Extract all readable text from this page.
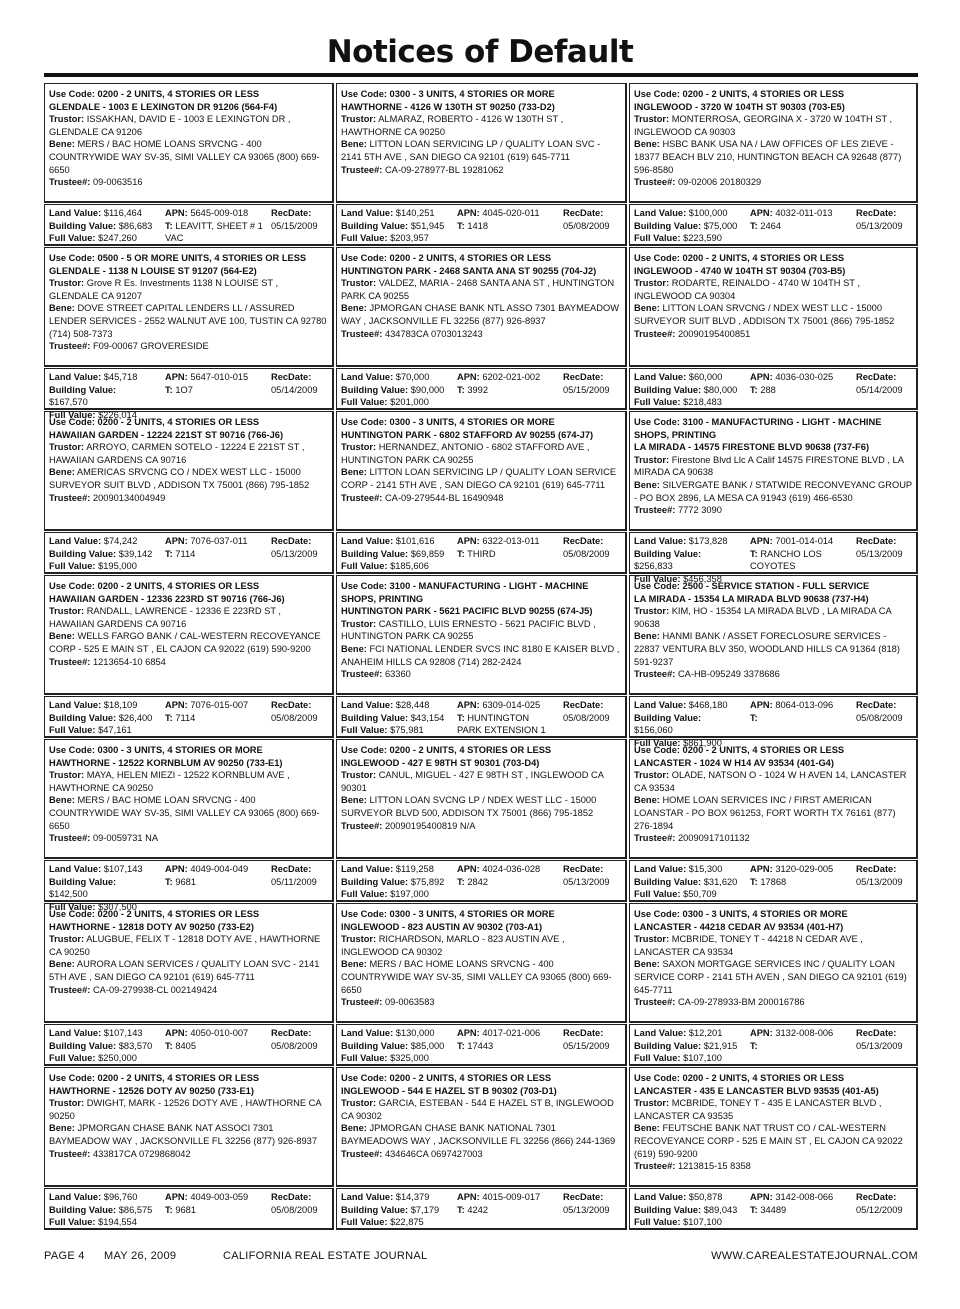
Notices of Default
Use Code: 0200 - 2 UNITS, 4 STORIES OR LESS
GLENDALE - 1003 E LEXINGTON DR 91206 (564-F4)
Trustor: ISSAKHAN, DAVID E - 1003 E LEXINGTON DR , GLENDALE CA 91206
Bene: MERS / BAC HOME LOANS SRVCNG - 400 COUNTRYWIDE WAY SV-35, SIMI VALLEY CA 93065 (800) 669-6650
Trustee#: 09-0063516
Land Value: $116,464
Building Value: $86,683
Full Value: $247,260
APN: 5645-009-018
T: LEAVITT, SHEET # 1 VAC
RecDate:
05/15/2009
Use Code: 0500 - 5 OR MORE UNITS, 4 STORIES OR LESS
GLENDALE - 1138 N LOUISE ST 91207 (564-E2)
Trustor: Grove R Es. Investments 1138 N LOUISE ST , GLENDALE CA 91207
Bene: DOVE STREET CAPITAL LENDERS LL / ASSURED LENDER SERVICES - 2552 WALNUT AVE 100, TUSTIN CA 92780 (714) 508-7373
Trustee#: F09-00067 GROVERESIDE
Land Value: $45,718
Building Value: $167,570
Full Value: $226,014
APN: 5647-010-015
T: 1O7
RecDate:
05/14/2009
Use Code: 0200 - 2 UNITS, 4 STORIES OR LESS
HAWAIIAN GARDEN - 12224 221ST ST 90716 (766-J6)
Trustor: ARROYO, CARMEN SOTELO - 12224 E 221ST ST , HAWAIIAN GARDENS CA 90716
Bene: AMERICAS SRVCNG CO / NDEX WEST LLC - 15000 SURVEYOR SUIT BLVD , ADDISON TX 75001 (866) 795-1852
Trustee#: 20090134004949
Land Value: $74,242
Building Value: $39,142
Full Value: $195,000
APN: 7076-037-011
T: 7114
RecDate:
05/13/2009
Use Code: 0200 - 2 UNITS, 4 STORIES OR LESS
HAWAIIAN GARDEN - 12336 223RD ST 90716 (766-J6)
Trustor: RANDALL, LAWRENCE - 12336 E 223RD ST , HAWAIIAN GARDENS CA 90716
Bene: WELLS FARGO BANK / CAL-WESTERN RECOVEYANCE CORP - 525 E MAIN ST , EL CAJON CA 92022 (619) 590-9200
Trustee#: 1213654-10 6854
Land Value: $18,109
Building Value: $26,400
Full Value: $47,161
APN: 7076-015-007
T: 7114
RecDate:
05/08/2009
Use Code: 0300 - 3 UNITS, 4 STORIES OR MORE
HAWTHORNE - 12522 KORNBLUM AV 90250 (733-E1)
Trustor: MAYA, HELEN MIEZI - 12522 KORNBLUM AVE , HAWTHORNE CA 90250
Bene: MERS / BAC HOME LOAN SRVCNG - 400 COUNTRYWIDE WAY SV-35, SIMI VALLEY CA 93065 (800) 669-6650
Trustee#: 09-0059731 NA
Land Value: $107,143
Building Value: $142,500
Full Value: $307,500
APN: 4049-004-049
T: 9681
RecDate:
05/11/2009
Use Code: 0200 - 2 UNITS, 4 STORIES OR LESS
HAWTHORNE - 12818 DOTY AV 90250 (733-E2)
Trustor: ALUGBUE, FELIX T - 12818 DOTY AVE , HAWTHORNE CA 90250
Bene: AURORA LOAN SERVICES / QUALITY LOAN SVC - 2141 5TH AVE , SAN DIEGO CA 92101 (619) 645-7711
Trustee#: CA-09-279938-CL 002149424
Land Value: $107,143
Building Value: $83,570
Full Value: $250,000
APN: 4050-010-007
T: 8405
RecDate:
05/08/2009
Use Code: 0200 - 2 UNITS, 4 STORIES OR LESS
HAWTHORNE - 12526 DOTY AV 90250 (733-E1)
Trustor: DWIGHT, MARK - 12526 DOTY AVE , HAWTHORNE CA 90250
Bene: JPMORGAN CHASE BANK NAT ASSOCI 7301 BAYMEADOW WAY , JACKSONVILLE FL 32256 (877) 926-8937
Trustee#: 433817CA 0729868042
Land Value: $96,760
Building Value: $86,575
Full Value: $194,554
APN: 4049-003-059
T: 9681
RecDate:
05/08/2009
Use Code: 0300 - 3 UNITS, 4 STORIES OR MORE
HAWTHORNE - 4126 W 130TH ST 90250 (733-D2)
Trustor: ALMARAZ, ROBERTO - 4126 W 130TH ST , HAWTHORNE CA 90250
Bene: LITTON LOAN SERVICING LP / QUALITY LOAN SVC - 2141 5TH AVE , SAN DIEGO CA 92101 (619) 645-7711
Trustee#: CA-09-278977-BL 19281062
Land Value: $140,251
Building Value: $51,945
Full Value: $203,957
APN: 4045-020-011
T: 1418
RecDate:
05/08/2009
Use Code: 0200 - 2 UNITS, 4 STORIES OR LESS
HUNTINGTON PARK - 2468 SANTA ANA ST 90255 (704-J2)
Trustor: VALDEZ, MARIA - 2468 SANTA ANA ST , HUNTINGTON PARK CA 90255
Bene: JPMORGAN CHASE BANK NTL ASSO 7301 BAYMEADOW WAY , JACKSONVILLE FL 32256 (877) 926-8937
Trustee#: 434783CA 0703013243
Land Value: $70,000
Building Value: $90,000
Full Value: $201,000
APN: 6202-021-002
T: 3992
RecDate:
05/15/2009
Use Code: 0300 - 3 UNITS, 4 STORIES OR MORE
HUNTINGTON PARK - 6802 STAFFORD AV 90255 (674-J7)
Trustor: HERNANDEZ, ANTONIO - 6802 STAFFORD AVE , HUNTINGTON PARK CA 90255
Bene: LITTON LOAN SERVICING LP / QUALITY LOAN SERVICE CORP - 2141 5TH AVE , SAN DIEGO CA 92101 (619) 645-7711
Trustee#: CA-09-279544-BL 16490948
Land Value: $101,616
Building Value: $69,859
Full Value: $185,606
APN: 6322-013-011
T: THIRD
RecDate:
05/08/2009
Use Code: 3100 - MANUFACTURING - LIGHT - MACHINE SHOPS, PRINTING
HUNTINGTON PARK - 5621 PACIFIC BLVD 90255 (674-J5)
Trustor: CASTILLO, LUIS ERNESTO - 5621 PACIFIC BLVD , HUNTINGTON PARK CA 90255
Bene: FCI NATIONAL LENDER SVCS INC 8180 E KAISER BLVD , ANAHEIM HILLS CA 92808 (714) 282-2424
Trustee#: 63360
Land Value: $28,448
Building Value: $43,154
Full Value: $75,981
APN: 6309-014-025
T: HUNTINGTON PARK EXTENSION 1
RecDate:
05/08/2009
Use Code: 0200 - 2 UNITS, 4 STORIES OR LESS
INGLEWOOD - 427 E 98TH ST 90301 (703-D4)
Trustor: CANUL, MIGUEL - 427 E 98TH ST , INGLEWOOD CA 90301
Bene: LITTON LOAN SVCNG LP / NDEX WEST LLC - 15000 SURVEYOR BLVD 500, ADDISON TX 75001 (866) 795-1852
Trustee#: 20090195400819 N/A
Land Value: $119,258
Building Value: $75,892
Full Value: $197,000
APN: 4024-036-028
T: 2842
RecDate:
05/13/2009
Use Code: 0300 - 3 UNITS, 4 STORIES OR MORE
INGLEWOOD - 823 AUSTIN AV 90302 (703-A1)
Trustor: RICHARDSON, MARLO - 823 AUSTIN AVE , INGLEWOOD CA 90302
Bene: MERS / BAC HOME LOANS SRVCNG - 400 COUNTRYWIDE WAY SV-35, SIMI VALLEY CA 93065 (800) 669-6650
Trustee#: 09-0063583
Land Value: $130,000
Building Value: $85,000
Full Value: $325,000
APN: 4017-021-006
T: 17443
RecDate:
05/15/2009
Use Code: 0200 - 2 UNITS, 4 STORIES OR LESS
INGLEWOOD - 544 E HAZEL ST B 90302 (703-D1)
Trustor: GARCIA, ESTEBAN - 544 E HAZEL ST B, INGLEWOOD CA 90302
Bene: JPMORGAN CHASE BANK NATIONAL 7301 BAYMEADOWS WAY , JACKSONVILLE FL 32256 (866) 244-1369
Trustee#: 434646CA 0697427003
Land Value: $14,379
Building Value: $7,179
Full Value: $22,875
APN: 4015-009-017
T: 4242
RecDate:
05/13/2009
Use Code: 0200 - 2 UNITS, 4 STORIES OR LESS
INGLEWOOD - 3720 W 104TH ST 90303 (703-E5)
Trustor: MONTERROSA, GEORGINA X - 3720 W 104TH ST , INGLEWOOD CA 90303
Bene: HSBC BANK USA NA / LAW OFFICES OF LES ZIEVE - 18377 BEACH BLV 210, HUNTINGTON BEACH CA 92648 (877) 596-8580
Trustee#: 09-02006 20180329
Land Value: $100,000
Building Value: $75,000
Full Value: $223,590
APN: 4032-011-013
T: 2464
RecDate:
05/13/2009
Use Code: 0200 - 2 UNITS, 4 STORIES OR LESS
INGLEWOOD - 4740 W 104TH ST 90304 (703-B5)
Trustor: RODARTE, REINALDO - 4740 W 104TH ST , INGLEWOOD CA 90304
Bene: LITTON LOAN SRVCNG / NDEX WEST LLC - 15000 SURVEYOR SUIT BLVD , ADDISON TX 75001 (866) 795-1852
Trustee#: 20090195400851
Land Value: $60,000
Building Value: $80,000
Full Value: $218,483
APN: 4036-030-025
T: 288
RecDate:
05/14/2009
Use Code: 3100 - MANUFACTURING - LIGHT - MACHINE SHOPS, PRINTING
LA MIRADA - 14575 FIRESTONE BLVD 90638 (737-F6)
Trustor: Firestone Blvd Llc A Calif 14575 FIRESTONE BLVD , LA MIRADA CA 90638
Bene: SILVERGATE BANK / STATWIDE RECONVEYANC GROUP - PO BOX 2896, LA MESA CA 91943 (619) 466-6530
Trustee#: 7772 3090
Land Value: $173,828
Building Value: $256,833
Full Value: $456,358
APN: 7001-014-014
T: RANCHO LOS COYOTES
RecDate:
05/13/2009
Use Code: 2500 - SERVICE STATION - FULL SERVICE
LA MIRADA - 15354 LA MIRADA BLVD 90638 (737-H4)
Trustor: KIM, HO - 15354 LA MIRADA BLVD , LA MIRADA CA 90638
Bene: HANMI BANK / ASSET FORECLOSURE SERVICES - 22837 VENTURA BLV 350, WOODLAND HILLS CA 91364 (818) 591-9237
Trustee#: CA-HB-095249 3378686
Land Value: $468,180
Building Value: $156,060
Full Value: $861,900
APN: 8064-013-096
T:
RecDate:
05/08/2009
Use Code: 0200 - 2 UNITS, 4 STORIES OR LESS
LANCASTER - 1024 W H14 AV 93534 (401-G4)
Trustor: OLADE, NATSON O - 1024 W H AVEN 14, LANCASTER CA 93534
Bene: HOME LOAN SERVICES INC / FIRST AMERICAN LOANSTAR - PO BOX 961253, FORT WORTH TX 76161 (877) 276-1894
Trustee#: 20090917101132
Land Value: $15,300
Building Value: $31,620
Full Value: $50,709
APN: 3120-029-005
T: 17868
RecDate:
05/13/2009
Use Code: 0300 - 3 UNITS, 4 STORIES OR MORE
LANCASTER - 44218 CEDAR AV 93534 (401-H7)
Trustor: MCBRIDE, TONEY T - 44218 N CEDAR AVE , LANCASTER CA 93534
Bene: SAXON MORTGAGE SERVICES INC / QUALITY LOAN SERVICE CORP - 2141 5TH AVEN , SAN DIEGO CA 92101 (619) 645-7711
Trustee#: CA-09-278933-BM 200016786
Land Value: $12,201
Building Value: $21,915
Full Value: $107,100
APN: 3132-008-006
T:
RecDate:
05/13/2009
Use Code: 0200 - 2 UNITS, 4 STORIES OR LESS
LANCASTER - 435 E LANCASTER BLVD 93535 (401-A5)
Trustor: MCBRIDE, TONEY T - 435 E LANCASTER BLVD , LANCASTER CA 93535
Bene: FEUTSCHE BANK NAT TRUST CO / CAL-WESTERN RECOVEYANCE CORP - 525 E MAIN ST , EL CAJON CA 92022 (619) 590-9200
Trustee#: 1213815-15 8358
Land Value: $50,878
Building Value: $89,043
Full Value: $107,100
APN: 3142-008-066
T: 34489
RecDate:
05/12/2009
PAGE 4 MAY 26, 2009	CALIFORNIA REAL ESTATE JOURNAL	WWW.CAREALESTATEJOURNAL.COM
